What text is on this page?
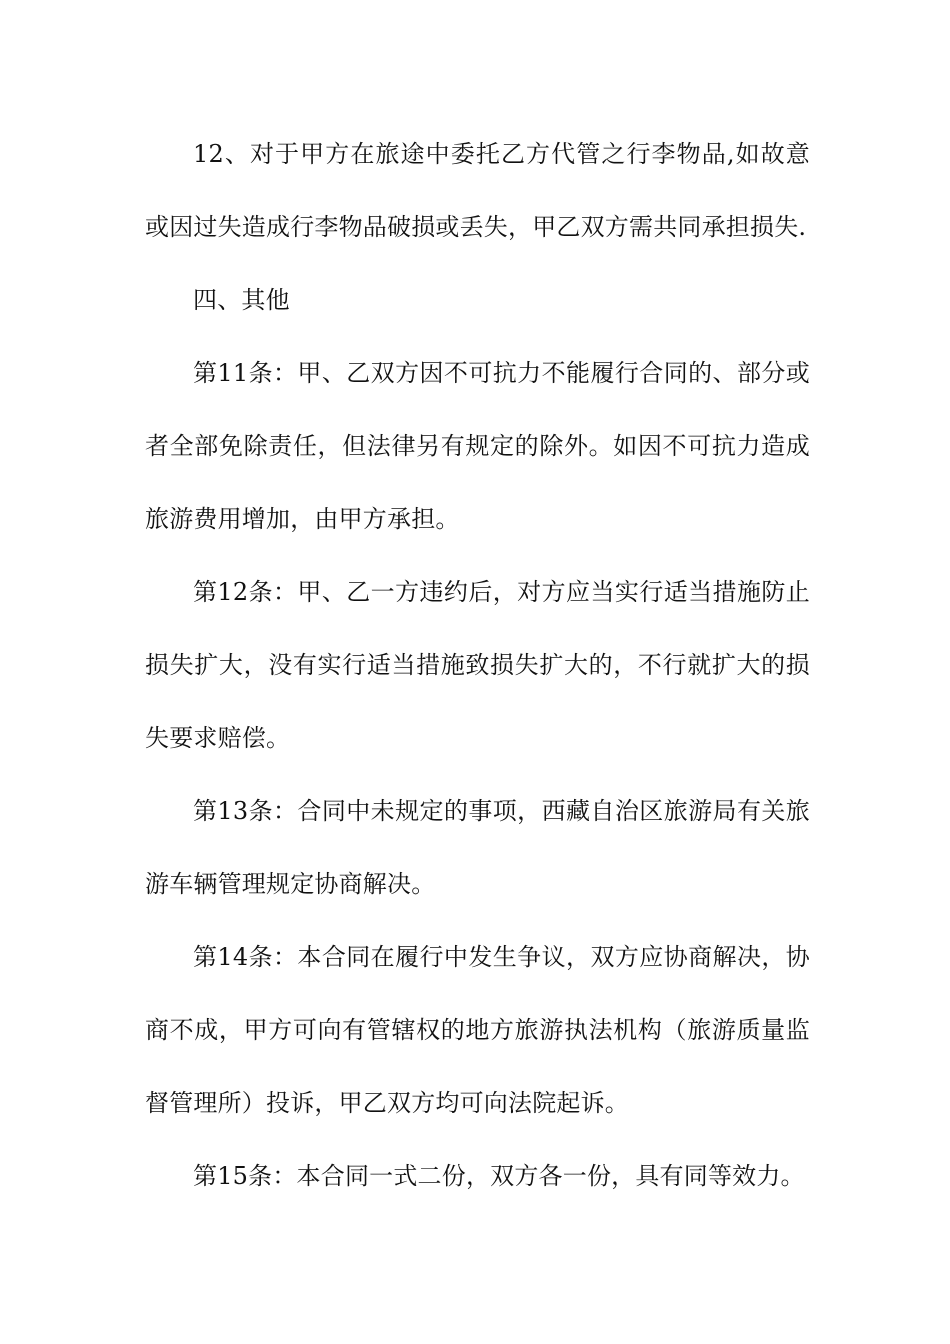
12、对于甲方在旅途中委托乙方代管之行李物品,如故意或因过失造成行李物品破损或丢失，甲乙双方需共同承担损失.

四、其他

第11条：甲、乙双方因不可抗力不能履行合同的、部分或者全部免除责任，但法律另有规定的除外。如因不可抗力造成旅游费用增加，由甲方承担。

第12条：甲、乙一方违约后，对方应当实行适当措施防止损失扩大，没有实行适当措施致损失扩大的，不行就扩大的损失要求赔偿。

第13条：合同中未规定的事项，西藏自治区旅游局有关旅游车辆管理规定协商解决。

第14条：本合同在履行中发生争议，双方应协商解决，协商不成，甲方可向有管辖权的地方旅游执法机构（旅游质量监督管理所）投诉，甲乙双方均可向法院起诉。

第15条：本合同一式二份，双方各一份，具有同等效力。
